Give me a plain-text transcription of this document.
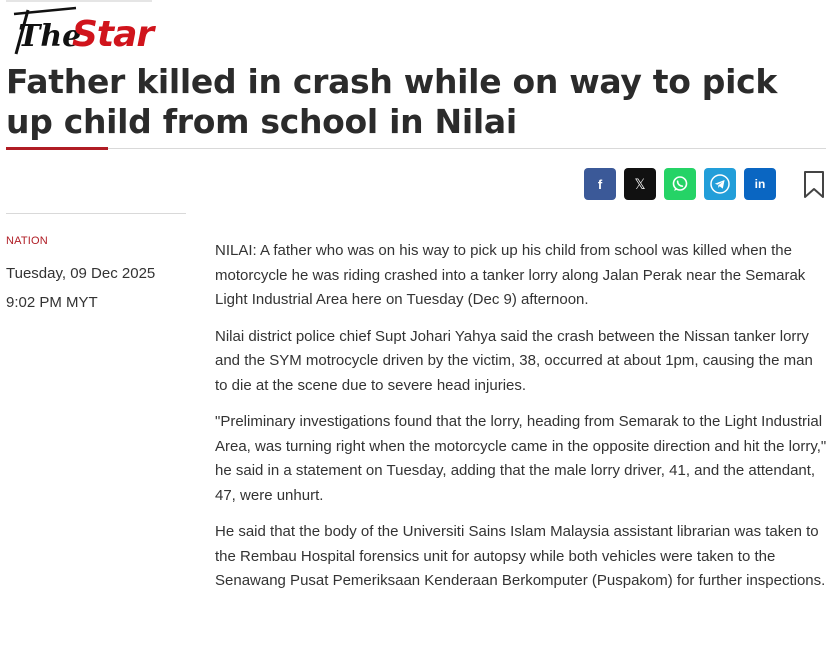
The
Star
Father killed in crash while on way to pick up child from school in Nilai
f 𝕏	in
NATION
Tuesday, 09 Dec 2025
9:02 PM MYT

NILAI: A father who was on his way to pick up his child from school was killed when the motorcycle he was riding crashed into a tanker lorry along Jalan Perak near the Semarak Light Industrial Area here on Tuesday (Dec 9) afternoon.

Nilai district police chief Supt Johari Yahya said the crash between the Nissan tanker lorry and the SYM motrocycle driven by the victim, 38, occurred at about 1pm, causing the man to die at the scene due to severe head injuries.

"Preliminary investigations found that the lorry, heading from Semarak to the Light Industrial Area, was turning right when the motorcycle came in the opposite direction and hit the lorry," he said in a statement on Tuesday, adding that the male lorry driver, 41, and the attendant, 47, were unhurt.

He said that the body of the Universiti Sains Islam Malaysia assistant librarian was taken to the Rembau Hospital forensics unit for autopsy while both vehicles were taken to the Senawang Pusat Pemeriksaan Kenderaan Berkomputer (Puspakom) for further inspections.
